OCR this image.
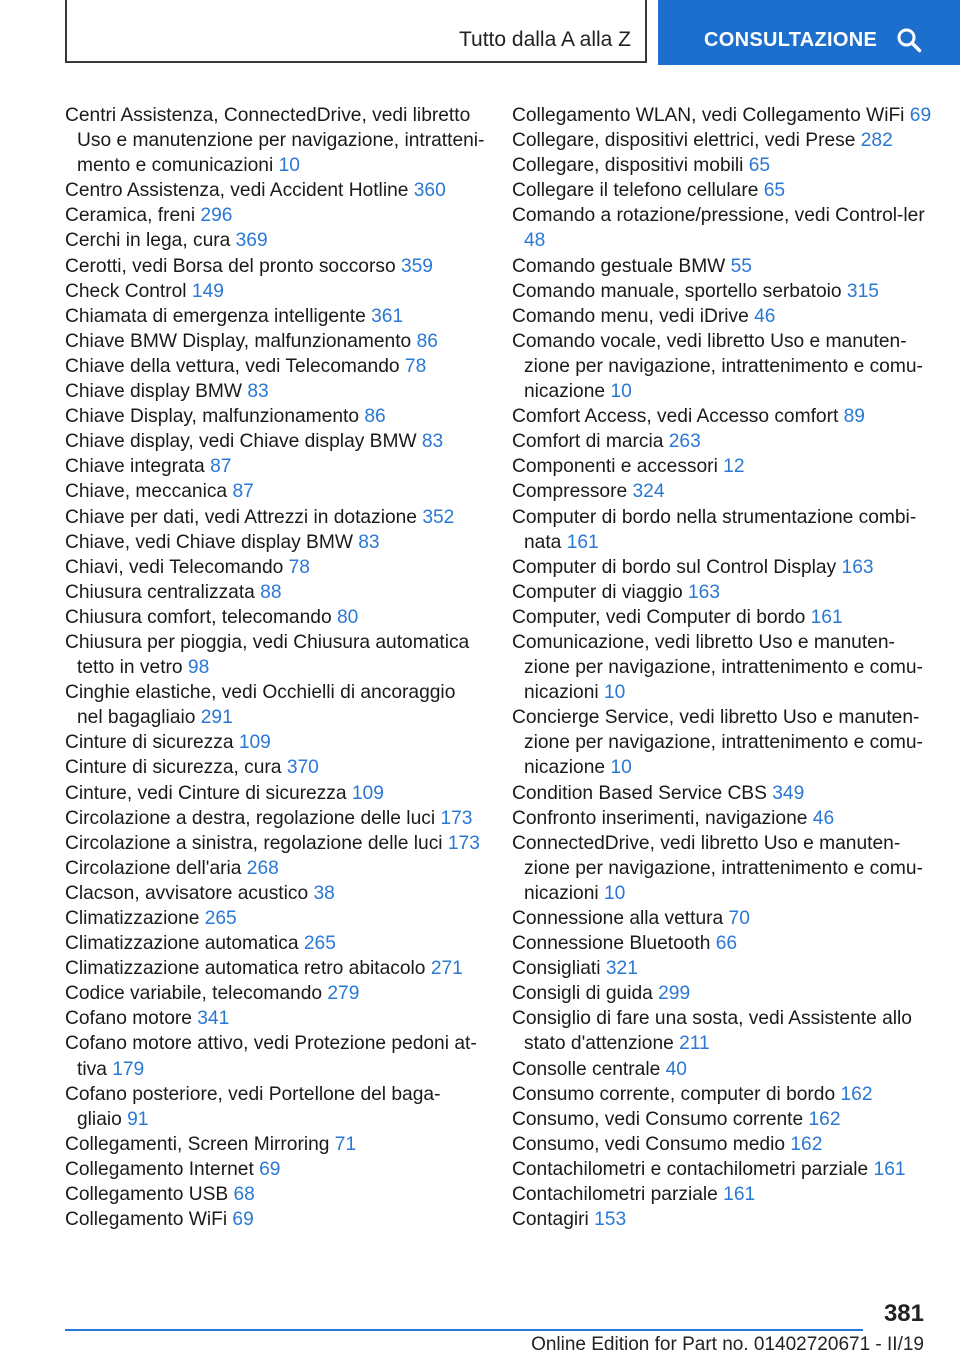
Tutto dalla A alla Z	CONSULTAZIONE
Centri Assistenza, ConnectedDrive, vedi libretto Uso e manutenzione per navigazione, intratteni-mento e comunicazioni 10
Centro Assistenza, vedi Accident Hotline 360
Ceramica, freni 296
Cerchi in lega, cura 369
Cerotti, vedi Borsa del pronto soccorso 359
Check Control 149
Chiamata di emergenza intelligente 361
Chiave BMW Display, malfunzionamento 86
Chiave della vettura, vedi Telecomando 78
Chiave display BMW 83
Chiave Display, malfunzionamento 86
Chiave display, vedi Chiave display BMW 83
Chiave integrata 87
Chiave, meccanica 87
Chiave per dati, vedi Attrezzi in dotazione 352
Chiave, vedi Chiave display BMW 83
Chiavi, vedi Telecomando 78
Chiusura centralizzata 88
Chiusura comfort, telecomando 80
Chiusura per pioggia, vedi Chiusura automatica tetto in vetro 98
Cinghie elastiche, vedi Occhielli di ancoraggio nel bagagliaio 291
Cinture di sicurezza 109
Cinture di sicurezza, cura 370
Cinture, vedi Cinture di sicurezza 109
Circolazione a destra, regolazione delle luci 173
Circolazione a sinistra, regolazione delle luci 173
Circolazione dell'aria 268
Clacson, avvisatore acustico 38
Climatizzazione 265
Climatizzazione automatica 265
Climatizzazione automatica retro abitacolo 271
Codice variabile, telecomando 279
Cofano motore 341
Cofano motore attivo, vedi Protezione pedoni at-tiva 179
Cofano posteriore, vedi Portellone del baga-gliaio 91
Collegamenti, Screen Mirroring 71
Collegamento Internet 69
Collegamento USB 68
Collegamento WiFi 69
Collegamento WLAN, vedi Collegamento WiFi 69
Collegare, dispositivi elettrici, vedi Prese 282
Collegare, dispositivi mobili 65
Collegare il telefono cellulare 65
Comando a rotazione/pressione, vedi Control-ler 48
Comando gestuale BMW 55
Comando manuale, sportello serbatoio 315
Comando menu, vedi iDrive 46
Comando vocale, vedi libretto Uso e manuten-zione per navigazione, intrattenimento e comu-nicazione 10
Comfort Access, vedi Accesso comfort 89
Comfort di marcia 263
Componenti e accessori 12
Compressore 324
Computer di bordo nella strumentazione combi-nata 161
Computer di bordo sul Control Display 163
Computer di viaggio 163
Computer, vedi Computer di bordo 161
Comunicazione, vedi libretto Uso e manuten-zione per navigazione, intrattenimento e comu-nicazioni 10
Concierge Service, vedi libretto Uso e manuten-zione per navigazione, intrattenimento e comu-nicazione 10
Condition Based Service CBS 349
Confronto inserimenti, navigazione 46
ConnectedDrive, vedi libretto Uso e manuten-zione per navigazione, intrattenimento e comu-nicazioni 10
Connessione alla vettura 70
Connessione Bluetooth 66
Consigliati 321
Consigli di guida 299
Consiglio di fare una sosta, vedi Assistente allo stato d'attenzione 211
Consolle centrale 40
Consumo corrente, computer di bordo 162
Consumo, vedi Consumo corrente 162
Consumo, vedi Consumo medio 162
Contachilometri e contachilometri parziale 161
Contachilometri parziale 161
Contagiri 153
381
Online Edition for Part no. 01402720671 - II/19
